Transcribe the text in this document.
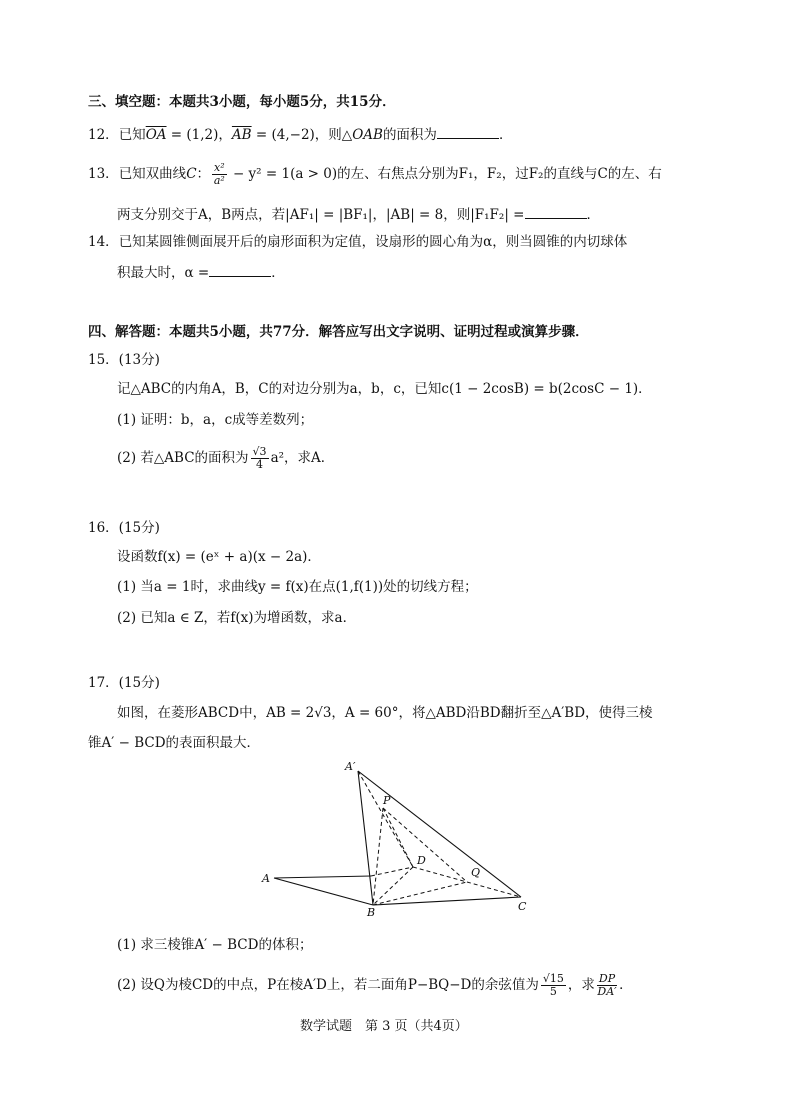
三、填空题：本题共3小题，每小题5分，共15分．
12．已知$\overline{OA} = (1,2)$，$\overline{AB} = (4,-2)$，则△OAB的面积为	．
13．已知双曲线C： $\frac{\text{x²}}{\text{a²}} - y^2 = 1(a > 0)$的左、右焦点分别为F₁，F₂，过F₂的直线与C的左、右
两支分别交于A，B两点，若|AF₁| = |BF₁|，|AB| = 8，则|F₁F₂| =	．
14．已知某圆锥侧面展开后的扇形面积为定值，设扇形的圆心角为α，则当圆锥的内切球体
积最大时，α =	．
四、解答题：本题共5小题，共77分．解答应写出文字说明、证明过程或演算步骤．
15．(13分)
记△ABC的内角A，B，C的对边分别为a，b，c，已知c(1 − 2cosB) = b(2cosC − 1)．
(1) 证明：b，a，c成等差数列；
(2) 若△ABC的面积为 $\frac{√3}{4} a^2$，求A．
16．(15分)
设函数f(x) = (eˣ + a)(x − 2a)．
(1) 当a = 1时，求曲线y = f(x)在点(1,f(1))处的切线方程；
(2) 已知a ∈ Z，若f(x)为增函数，求a．
17．(15分)
如图，在菱形ABCD中，AB = 2√3，A = 60°，将△ABD沿BD翻折至△A′BD，使得三棱
锥A′ − BCD的表面积最大．
A′
P
D
Q
A
B	C
(1) 求三棱锥A′ − BCD的体积；
(2) 设Q为棱CD的中点，P在棱A′D上，若二面角P−BQ−D的余弦值为 $\frac{√15}{5}$ ，求 $\frac{DP}{DA'}$ ．
数学试题　第 3 页（共4页）
